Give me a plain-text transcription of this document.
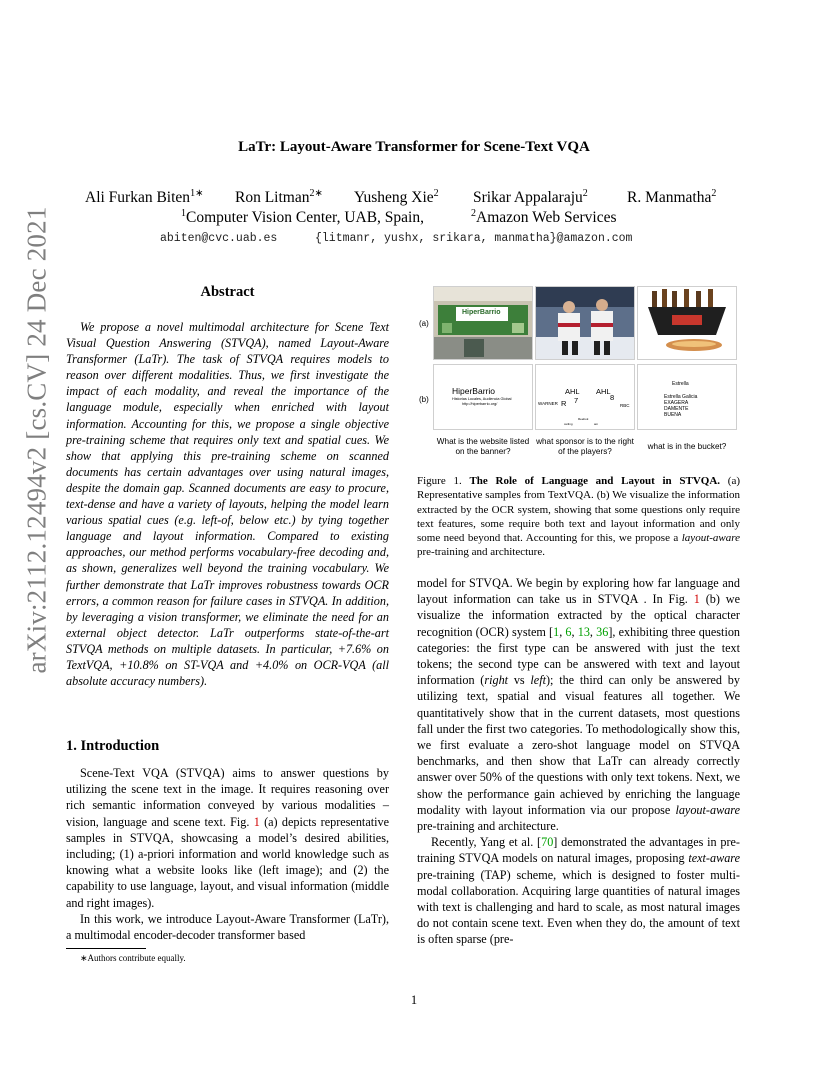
LaTr: Layout-Aware Transformer for Scene-Text VQA
Ali Furkan Biten$^{1∗}$ Ron Litman$^{2∗}$ Yusheng Xie$^2$ Srikar Appalaraju$^2$	R. Manmatha$^2$
$^1$Computer Vision Center, UAB, Spain,	$^2$Amazon Web Services
abiten@cvc.uab.es	{litmanr, yushx, srikara, manmatha}@amazon.com
arXiv:2112.12494v2 [cs.CV] 24 Dec 2021	Abstract

We propose a novel multimodal architecture for Scene Text Visual Question Answering (STVQA), named Layout-Aware Transformer (LaTr). The task of STVQA requires models to reason over different modalities. Thus, we first investigate the impact of each modality, and reveal the importance of the language module, especially when enriched with layout information. Accounting for this, we propose a single objective pre-training scheme that requires only text and spatial cues. We show that applying this pre-training scheme on scanned documents has certain advantages over using natural images, despite the domain gap. Scanned documents are easy to procure, text-dense and have a variety of layouts, helping the model learn various spatial cues (e.g. left-of, below etc.) by tying together language and layout information. Compared to existing approaches, our method performs vocabulary-free decoding and, as shown, generalizes well beyond the training vocabulary. We further demonstrate that LaTr improves robustness towards OCR errors, a common reason for failure cases in STVQA. In addition, by leveraging a vision transformer, we eliminate the need for an external object detector. LaTr outperforms state-of-the-art STVQA methods on multiple datasets. In particular, +7.6% on TextVQA, +10.8% on ST-VQA and +4.0% on OCR-VQA (all absolute accuracy numbers).

1. Introduction

Scene-Text VQA (STVQA) aims to answer questions by utilizing the scene text in the image. It requires reasoning over rich semantic information conveyed by various modalities – vision, language and scene text. Fig. 1 (a) depicts representative samples in STVQA, showcasing a model’s desired abilities, including; (1) a-priori information and world knowledge such as knowing what a website looks like (left image); and (2) the capability to use language, layout, and visual information (middle and right images).

In this work, we introduce Layout-Aware Transformer (LaTr), a multimodal encoder-decoder transformer based

∗Authors contribute equally.
(a)
(b)
HiperBarrio
HiperBarrio
Historias Locales, Audiencia Global
http://hiperbarrio.org/
AHL AHL
8
R 7
WARNER	RBC
ceiling
Reebok
am
Estrella
Estrella Galicia
EXAGERA
DAMENTE
BUENA
What is the website listed on the banner?
what sponsor is to the right of the players?
what is in the bucket?
Figure 1. The Role of Language and Layout in STVQA. (a) Representative samples from TextVQA. (b) We visualize the information extracted by the OCR system, showing that some questions only require text features, some require both text and layout information and only some need beyond that. Accounting for this, we propose a layout-aware pre-training and architecture.

model for STVQA. We begin by exploring how far language and layout information can take us in STVQA . In Fig. 1 (b) we visualize the information extracted by the optical character recognition (OCR) system [1, 6, 13, 36], exhibiting three question categories: the first type can be answered with just the text tokens; the second type can be answered with text and layout information (right vs left); the third can only be answered by utilizing text, spatial and visual features all together. We quantitatively show that in the current datasets, most questions fall under the first two categories. To methodologically show this, we first evaluate a zero-shot language model on STVQA benchmarks, and then show that LaTr can already correctly answer over 50% of the questions with only text tokens. Next, we show the performance gain achieved by enriching the language modality with layout information via our propose layout-aware pre-training and architecture.

Recently, Yang et al. [70] demonstrated the advantages in pre-training STVQA models on natural images, proposing text-aware pre-training (TAP) scheme, which is designed to foster multi-modal collaboration. Acquiring large quantities of natural images with text is challenging and hard to scale, as most natural images do not contain scene text. Even when they do, the amount of text is often sparse (pre-

1
